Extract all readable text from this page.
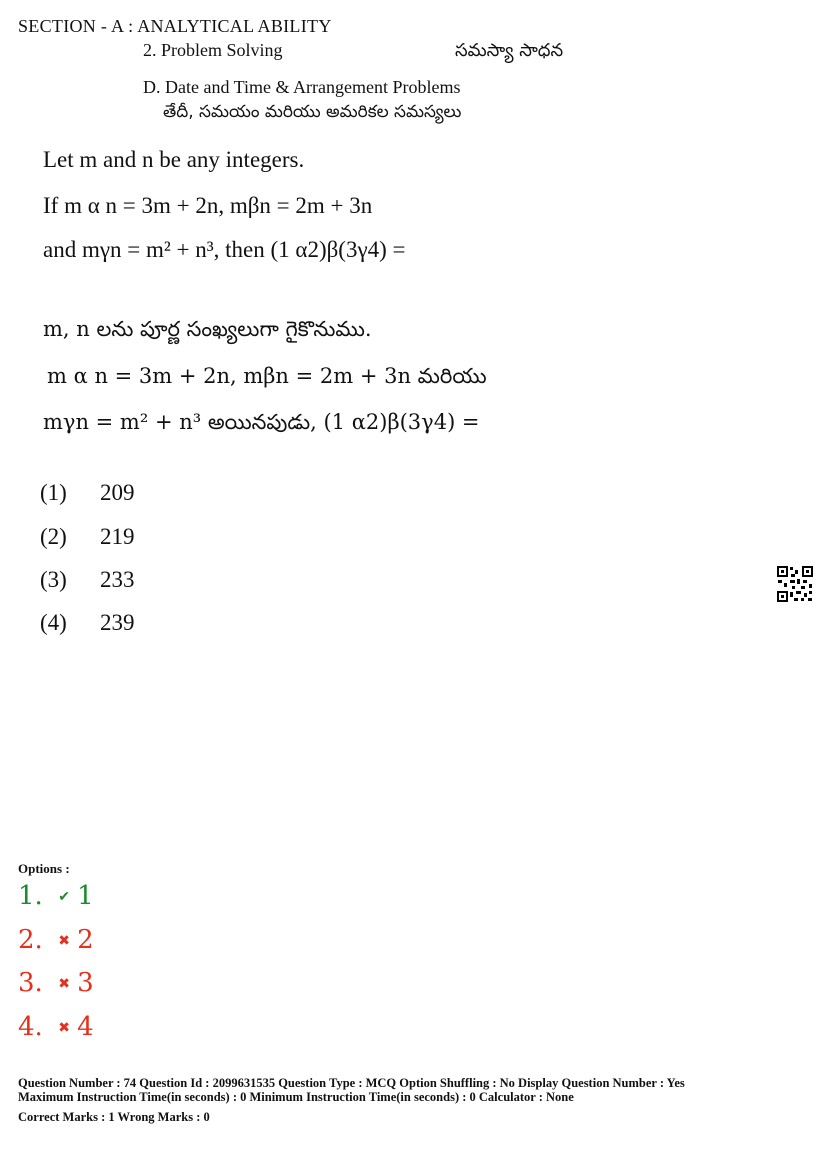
SECTION - A : ANALYTICAL ABILITY
2. Problem Solving	సమస్యా సాధన
D. Date and Time & Arrangement Problems
తేదీ, సమయం మరియు అమరికల సమస్యలు
Let m and n be any integers.
If m α n = 3m + 2n, mβn = 2m + 3n
and mγn = m² + n³, then (1 α2)β(3γ4) =
m, n లను పూర్ణ సంఖ్యలుగా గైకొనుము.
m α n = 3m + 2n, mβn = 2m + 3n మరియు
mγn = m² + n³ అయినపుడు, (1 α2)β(3γ4) =
(1) 209
(2) 219
(3) 233
(4) 239
Options :
1. ✔ 1
2. ✖ 2
3. ✖ 3
4. ✖ 4
Question Number : 74 Question Id : 2099631535 Question Type : MCQ Option Shuffling : No Display Question Number : Yes
Maximum Instruction Time(in seconds) : 0 Minimum Instruction Time(in seconds) : 0 Calculator : None
Correct Marks : 1 Wrong Marks : 0
